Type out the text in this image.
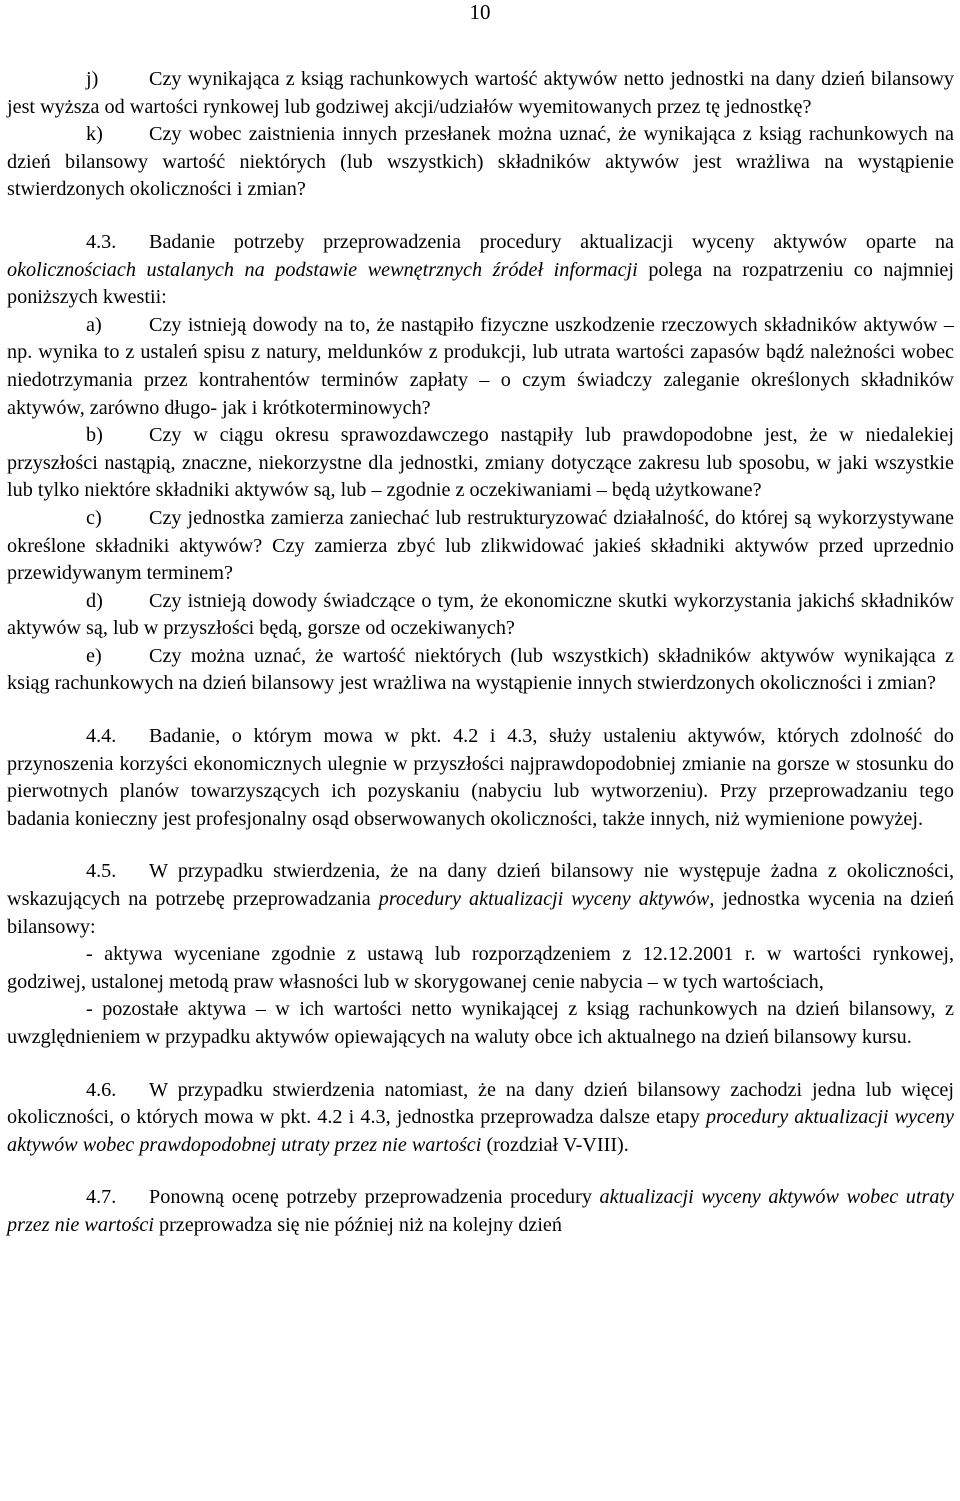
10

j)	Czy wynikająca z ksiąg rachunkowych wartość aktywów netto jednostki na dany dzień bilansowy jest wyższa od wartości rynkowej lub godziwej akcji/udziałów wyemitowanych przez tę jednostkę?

k) Czy wobec zaistnienia innych przesłanek można uznać, że wynikająca z ksiąg rachunkowych na dzień bilansowy wartość niektórych (lub wszystkich) składników aktywów jest wrażliwa na wystąpienie stwierdzonych okoliczności i zmian?

4.3. Badanie potrzeby przeprowadzenia procedury aktualizacji wyceny aktywów oparte na okolicznościach ustalanych na podstawie wewnętrznych źródeł informacji polega na rozpatrzeniu co najmniej poniższych kwestii:

a) Czy istnieją dowody na to, że nastąpiło fizyczne uszkodzenie rzeczowych składników aktywów – np. wynika to z ustaleń spisu z natury, meldunków z produkcji, lub utrata wartości zapasów bądź należności wobec niedotrzymania przez kontrahentów terminów zapłaty – o czym świadczy zaleganie określonych składników aktywów, zarówno długo- jak i krótkoterminowych?

b) Czy w ciągu okresu sprawozdawczego nastąpiły lub prawdopodobne jest, że w niedalekiej przyszłości nastąpią, znaczne, niekorzystne dla jednostki, zmiany dotyczące zakresu lub sposobu, w jaki wszystkie lub tylko niektóre składniki aktywów są, lub – zgodnie z oczekiwaniami – będą użytkowane?

c) Czy jednostka zamierza zaniechać lub restrukturyzować działalność, do której są wykorzystywane określone składniki aktywów? Czy zamierza zbyć lub zlikwidować jakieś składniki aktywów przed uprzednio przewidywanym terminem?

d) Czy istnieją dowody świadczące o tym, że ekonomiczne skutki wykorzystania jakichś składników aktywów są, lub w przyszłości będą, gorsze od oczekiwanych?

e) Czy można uznać, że wartość niektórych (lub wszystkich) składników aktywów wynikająca z ksiąg rachunkowych na dzień bilansowy jest wrażliwa na wystąpienie innych stwierdzonych okoliczności i zmian?

4.4. Badanie, o którym mowa w pkt. 4.2 i 4.3, służy ustaleniu aktywów, których zdolność do przynoszenia korzyści ekonomicznych ulegnie w przyszłości najprawdopodobniej zmianie na gorsze w stosunku do pierwotnych planów towarzyszących ich pozyskaniu (nabyciu lub wytworzeniu). Przy przeprowadzaniu tego badania konieczny jest profesjonalny osąd obserwowanych okoliczności, także innych, niż wymienione powyżej.

4.5. W przypadku stwierdzenia, że na dany dzień bilansowy nie występuje żadna z okoliczności, wskazujących na potrzebę przeprowadzania procedury aktualizacji wyceny aktywów, jednostka wycenia na dzień bilansowy:

- aktywa wyceniane zgodnie z ustawą lub rozporządzeniem z 12.12.2001 r. w wartości rynkowej, godziwej, ustalonej metodą praw własności lub w skorygowanej cenie nabycia – w tych wartościach,

- pozostałe aktywa – w ich wartości netto wynikającej z ksiąg rachunkowych na dzień bilansowy, z uwzględnieniem w przypadku aktywów opiewających na waluty obce ich aktualnego na dzień bilansowy kursu.

4.6. W przypadku stwierdzenia natomiast, że na dany dzień bilansowy zachodzi jedna lub więcej okoliczności, o których mowa w pkt. 4.2 i 4.3, jednostka przeprowadza dalsze etapy procedury aktualizacji wyceny aktywów wobec prawdopodobnej utraty przez nie wartości (rozdział V-VIII).

4.7. Ponowną ocenę potrzeby przeprowadzenia procedury aktualizacji wyceny aktywów wobec utraty przez nie wartości przeprowadza się nie później niż na kolejny dzień
